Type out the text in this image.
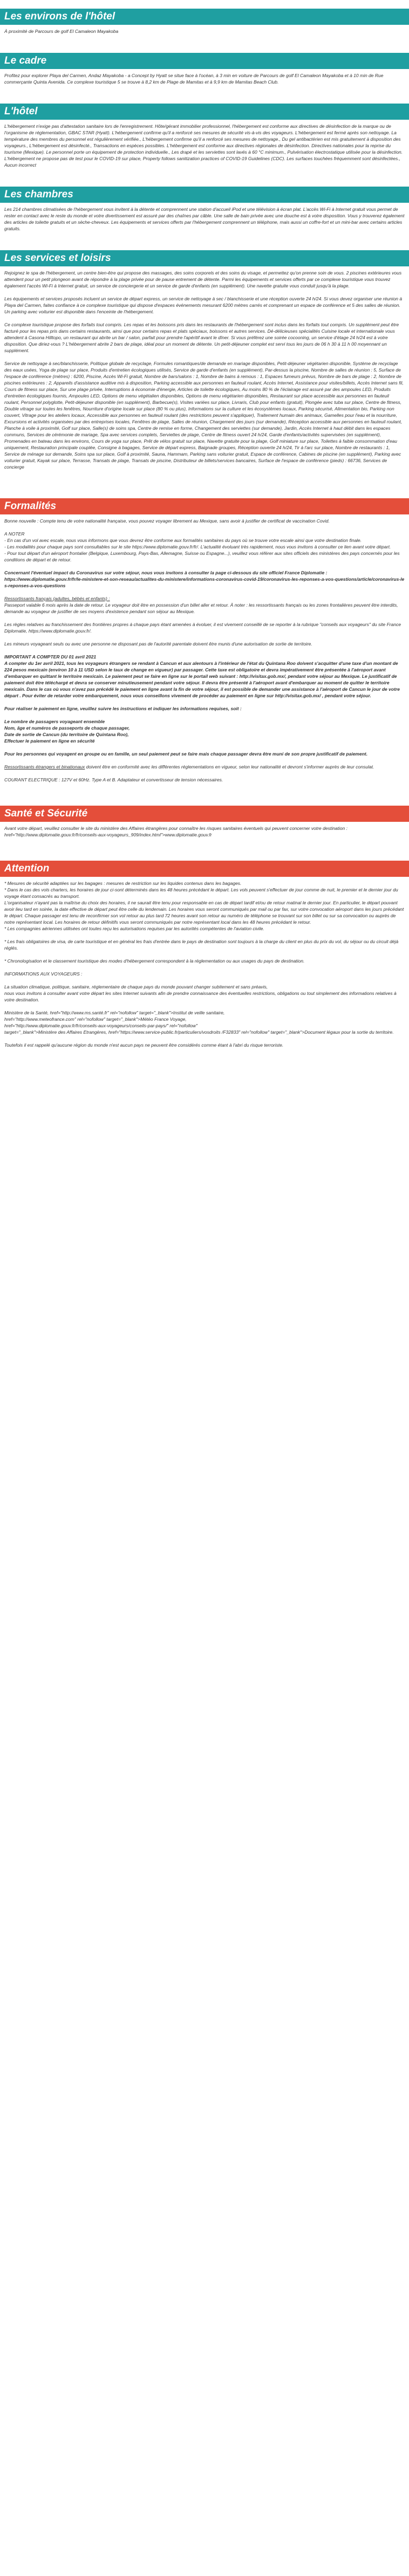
Les environs de l'hôtel

À proximité de Parcours de golf El Camaleon Mayakoba

Le cadre

Profitez pour explorer Playa del Carmen, Andaz Mayakoba - a Concept by Hyatt se situe face à l'océan, à 3 min en voiture de Parcours de golf El Camaleon Mayakoba et à 10 min de Rue commerçante Quinta Avenida. Ce complexe touristique 5 se trouve à 8,2 km de Plage de Mamitas et à 9,9 km de Mamitas Beach Club.

L'hôtel

L'hébergement n'exige pas d'attestation sanitaire lors de l'enregistrement. Hôte/gérant immobilier professionnel, l'hébergement est conforme aux directives de désinfection de la marque ou de l'organisme de réglementation, GBAC STAR (Hyatt). L'hébergement confirme qu'il a renforcé ses mesures de sécurité vis-à-vis des voyageurs. L'hébergement est fermé après son nettoyage. La température des membres du personnel est régulièrement vérifiée., L'hébergement confirme qu'il a renforcé ses mesures de nettoyage., Du gel antibactérien est mis gratuitement à disposition des voyageurs., L'hébergement est désinfecté., Transactions en espèces possibles. L'hébergement est conforme aux directives régionales de désinfection. Directives nationales pour la reprise du tourisme (Mexique). Le personnel porte un équipement de protection individuelle., Les drapé et les serviettes sont lavés à 60 °C minimum., Pulvérisation électrostatique utilisée pour la désinfection. L'hébergement ne propose pas de test pour le COVID-19 sur place, Property follows sanitization practices of COVID-19 Guidelines (CDC). Les surfaces touchées fréquemment sont désinfectées., Aucun incorrect

Les chambres

Les 214 chambres climatisées de l'hébergement vous invitent à la détente et comprennent une station d'accueil iPod et une télévision à écran plat. L'accès Wi-Fi à Internet gratuit vous permet de rester en contact avec le reste du monde et votre divertissement est assuré par des chaînes par câble. Une salle de bain privée avec une douche est à votre disposition. Vous y trouverez également des articles de toilette gratuits et un sèche-cheveux. Les équipements et services offerts par l'hébergement comprennent un téléphone, mais aussi un coffre-fort et un mini-bar avec certains articles gratuits.

Les services et loisirs

Rejoignez le spa de l'hébergement, un centre bien-être qui propose des massages, des soins corporels et des soins du visage, et permettez qu'on prenne soin de vous. 2 piscines extérieures vous attendent pour un petit plongeon avant de répondre à la plage privée pour de pause entrement de détente. Parmi les équipements et services offerts par ce complexe touristique vous trouvez également l'accès Wi-Fi à Internet gratuit, un service de conciergerie et un service de garde d'enfants (en supplément). Une navette gratuite vous conduit jusqu'à la plage.

Les équipements et services proposés incluent un service de départ express, un service de nettoyage à sec / blanchisserie et une réception ouverte 24 h/24. Si vous devez organiser une réunion à Playa del Carmen, faites confiance à ce complexe touristique qui dispose d'espaces événements mesurant 6200 mètres carrés et comprenant un espace de conférence et 5 des salles de réunion. Un parking avec voiturier est disponible dans l'enceinte de l'hébergement.

Ce complexe touristique propose des forfaits tout compris. Les repas et les boissons pris dans les restaurants de l'hébergement sont inclus dans les forfaits tout compris. Un supplément peut être facturé pour les repas pris dans certains restaurants, ainsi que pour certains repas et plats spéciaux, boissons et autres services. Dé-délicieuses spécialités Cuisine locale et internationale vous attendent à Casona Hilltopo, un restaurant qui abrite un bar / salon, parfait pour prendre l'apéritif avant le dîner. Si vous préférez une soirée cocooning, un service d'étage 24 h/24 est à votre disposition. Que diriez-vous ? L'hébergement abrite 2 bars de plage, idéal pour un moment de détente. Un petit-déjeuner complet est servi tous les jours de 06 h 30 à 11 h 00 moyennant un supplément.

Service de nettoyage à sec/blanchisserie, Politique globale de recyclage, Formules romantiques/de demande en mariage disponibles, Petit-déjeuner végétarien disponible, Système de recyclage des eaux usées, Yoga de plage sur place, Produits d'entretien écologiques utilisés, Service de garde d'enfants (en supplément), Par-dessus la piscine, Nombre de salles de réunion : 5, Surface de l'espace de conférence (mètres) : 6200, Piscine, Accès Wi-Fi gratuit, Nombre de bars/salons : 1, Nombre de bains à remous : 1, Espaces fumeurs prévus, Nombre de bars de plage : 2, Nombre de piscines extérieures : 2, Appareils d'assistance auditive mis à disposition, Parking accessible aux personnes en fauteuil roulant, Accès Internet, Assistance pour visites/billets, Accès Internet sans fil, Cours de fitness sur place, Sur une plage privée, Interruptions à économie d'énergie, Articles de toilette écologiques, Au moins 80 % de l'éclairage est assuré par des ampoules LED, Produits d'entretien écologiques fournis, Ampoules LED, Options de menu végétalien disponibles, Options de menu végétarien disponibles, Restaurant sur place accessible aux personnes en fauteuil roulant, Personnel polyglotte, Petit-déjeuner disponible (en supplément), Barbecue(s), Visites variées sur place, Livraris, Club pour enfants (gratuit), Plongée avec tuba sur place, Centre de fitness, Double vitrage sur toutes les fenêtres, Nourriture d'origine locale sur place (80 % ou plus), Informations sur la culture et les écosystèmes locaux, Parking sécurisé, Alimentation bio, Parking non couvert, Vitrage pour les ateliers locaux, Accessible aux personnes en fauteuil roulant (des restrictions peuvent s'appliquer), Traitement humain des animaux, Gamelles pour l'eau et la nourriture, Excursions et activités organisées par des entreprises locales, Fenêtres de plage, Salles de réunion, Chargement des jours (sur demande), Réception accessible aux personnes en fauteuil roulant, Planche à voile à proximité, Golf sur place, Salle(s) de soins spa, Centre de remise en forme, Changement des serviettes (sur demande), Jardin, Accès Internet à haut débit dans les espaces communs, Services de cérémonie de mariage, Spa avec services complets, Serviettes de plage, Centre de fitness ouvert 24 h/24, Garde d'enfants/activités supervisées (en supplément), Promenades en bateau dans les environs, Cours de yoga sur place, Prêt de vélos gratuit sur place, Navette gratuite pour la plage, Golf miniature sur place, Toilettes à faible consommation d'eau uniquement, Restauration principale couplée, Consigne à bagages, Service de départ express, Baignade groupes, Réception ouverte 24 h/24, Tir à l'arc sur place, Nombre de restaurants : 1, Service de ménage sur demande, Soins spa sur place, Golf à proximité, Sauna, Hammam, Parking sans voiturier gratuit, Espace de conférence, Cabines de piscine (en supplément), Parking avec voiturier gratuit, Kayak sur place, Terrasse, Transats de plage, Transats de piscine, Distributeur de billets/services bancaires, Surface de l'espace de conférence (pieds) : 66736, Services de concierge

Formalités

Bonne nouvelle : Compte tenu de votre nationalité française, vous pouvez voyager librement au Mexique, sans avoir à justifier de certificat de vaccination Covid.

A NOTER

- En cas d'un vol avec escale, nous vous informons que vous devrez être conforme aux formalités sanitaires du pays où se trouve votre escale ainsi que votre destination finale.
- Les modalités pour chaque pays sont consultables sur le site https://www.diplomatie.gouv.fr/fr/. L'actualité évoluant très rapidement, nous vous invitons à consulter ce lien avant votre départ.
- Pour tout départ d'un aéroport frontalier (Belgique, Luxembourg, Pays-Bas, Allemagne, Suisse ou Espagne...), veuillez vous référer aux sites officiels des ministères des pays concernés pour les conditions de départ et de retour.

Concernant l'éventuel impact du Coronavirus sur votre séjour, nous vous invitons à consulter la page ci-dessous du site officiel France Diplomatie :

https://www.diplomatie.gouv.fr/fr/le-ministere-et-son-reseau/actualites-du-ministere/informations-coronavirus-covid-19/coronavirus-les-reponses-a-vos-questions/article/coronavirus-les-reponses-a-vos-questions

Ressortissants français (adultes, bébés et enfants) :

Passeport valable 6 mois après la date de retour. Le voyageur doit être en possession d'un billet aller et retour. À noter : les ressortissants français ou les zones frontalières peuvent être interdits, demande au voyageur de justifier de ses moyens d'existence pendant son séjour au Mexique.

Les règles relatives au franchissement des frontières propres à chaque pays étant amenées à évoluer, il est vivement conseillé de se reporter à la rubrique "conseils aux voyageurs" du site France Diplomatie, https://www.diplomatie.gouv.fr/.

Les mineurs voyageant seuls ou avec une personne ne disposant pas de l'autorité parentale doivent être munis d'une autorisation de sortie de territoire.

IMPORTANT A COMPTER DU 01 avril 2021

A compter du 1er avril 2021, tous les voyageurs étrangers se rendant à Cancun et aux alentours à l'intérieur de l'état du Quintana Roo doivent s'acquitter d'une taxe d'un montant de 224 pesos mexicain (environ 10 à 11 USD selon le taux de change en vigueur) par passager. Cette taxe est obligatoire et devra impérativement être présentée à l'aéroport avant d'embarquer en quittant le territoire mexicain. Le paiement peut se faire en ligne sur le portail web suivant : http://visitax.gob.mx/, pendant votre séjour au Mexique. Le justificatif de paiement doit être téléchargé et devra se conserver minutieusement pendant votre séjour. Il devra être présenté à l'aéroport avant d'embarquer au moment de quitter le territoire mexicain. Dans le cas où vous n'avez pas précédé le paiement en ligne avant la fin de votre séjour, il est possible de demander une assistance à l'aéroport de Cancun le jour de votre départ . Pour éviter de retarder votre embarquement, nous vous conseillons vivement de procéder au paiement en ligne sur http://visitax.gob.mx/ , pendant votre séjour.

Pour réaliser le paiement en ligne, veuillez suivre les instructions et indiquer les informations requises, soit :

Le nombre de passagers voyageant ensemble
Nom, âge et numéros de passeports de chaque passager,
Date de sortie de Cancun (du territoire de Quintana Roo),
Effectuer le paiement en ligne en sécurité

Pour les personnes qui voyagent en groupe ou en famille, un seul paiement peut se faire mais chaque passager devra être muni de son propre justificatif de paiement.

Ressortissants étrangers et binationaux doivent être en conformité avec les différentes réglementations en vigueur, selon leur nationalité et devront s'informer auprès de leur consulat.

COURANT ELECTRIQUE : 127V et 60Hz. Type A et B. Adaptateur et convertisseur de tension nécessaires.

Santé et Sécurité

Avant votre départ, veuillez consulter le site du ministère des Affaires étrangères pour connaître les risques sanitaires éventuels qui peuvent concerner votre destination : href="http://www.diplomatie.gouv.fr/fr/conseils-aux-voyageurs_909/index.html">www.diplomatie.gouv.fr

Attention

* Mesures de sécurité adaptées sur les bagages : mesures de restriction sur les liquides contenus dans les bagages.
* Dans le cas des vols charters, les horaires de jour ci-sont déterminés dans les 48 heures précédant le départ. Les vols peuvent s'effectuer de jour comme de nuit, le premier et le dernier jour du voyage étant consacrés au transport.
L'organisateur n'ayant pas la maîtrise du choix des horaires, il ne saurait être tenu pour responsable en cas de départ tardif et/ou de retour matinal le dernier jour. En particulier, le départ pouvant avoir lieu tard en soirée, la date effective de départ peut être celle du lendemain. Les horaires vous seront communiqués par mail ou par fax, sur votre convocation aéroport dans les jours précédant le départ. Chaque passager est tenu de reconfirmer son vol retour au plus tard 72 heures avant son retour au numéro de téléphone se trouvant sur son billet ou sur sa convocation ou auprès de notre représentant local. Les horaires de retour définitifs vous seront communiqués par notre représentant local dans les 48 heures précédant le retour.
* Les compagnies aériennes utilisées ont toutes reçu les autorisations requises par les autorités compétentes de l'aviation civile.

* Les frais obligatoires de visa, de carte touristique et en général les frais d'entrée dans le pays de destination sont toujours à la charge du client en plus du prix du vol, du séjour ou du circuit déjà réglés.

* Chronologisation et le classement touristique des modes d'hébergement correspondent à la réglementation ou aux usages du pays de destination.

INFORMATIONS AUX VOYAGEURS :

La situation climatique, politique, sanitaire, réglementaire de chaque pays du monde pouvant changer subitement et sans préavis,
nous vous invitons à consulter avant votre départ les sites Internet suivants afin de prendre connaissance des éventuelles restrictions, obligations ou tout simplement des informations relatives à votre destination.

Ministère de la Santé, href="http://www.ms.santé.fr" rel="nofollow" target="_blank">Institut de veille sanitaire,
href="http://www.meteofrance.com" rel="nofollow" target="_blank">Météo France Voyage,
href="http://www.diplomatie.gouv.fr/fr/conseils-aux-voyageurs/conseils-par-pays/" rel="nofollow"
target="_blank">Ministère des Affaires Etrangères, href="https://www.service-public.fr/particuliers/vosdroits /F32833" rel="nofollow" target="_blank">Document légaux pour la sortie du territoire.

Toutefois il est rappelé qu'aucune région du monde n'est aucun pays ne peuvent être considérés comme étant à l'abri du risque terroriste.
